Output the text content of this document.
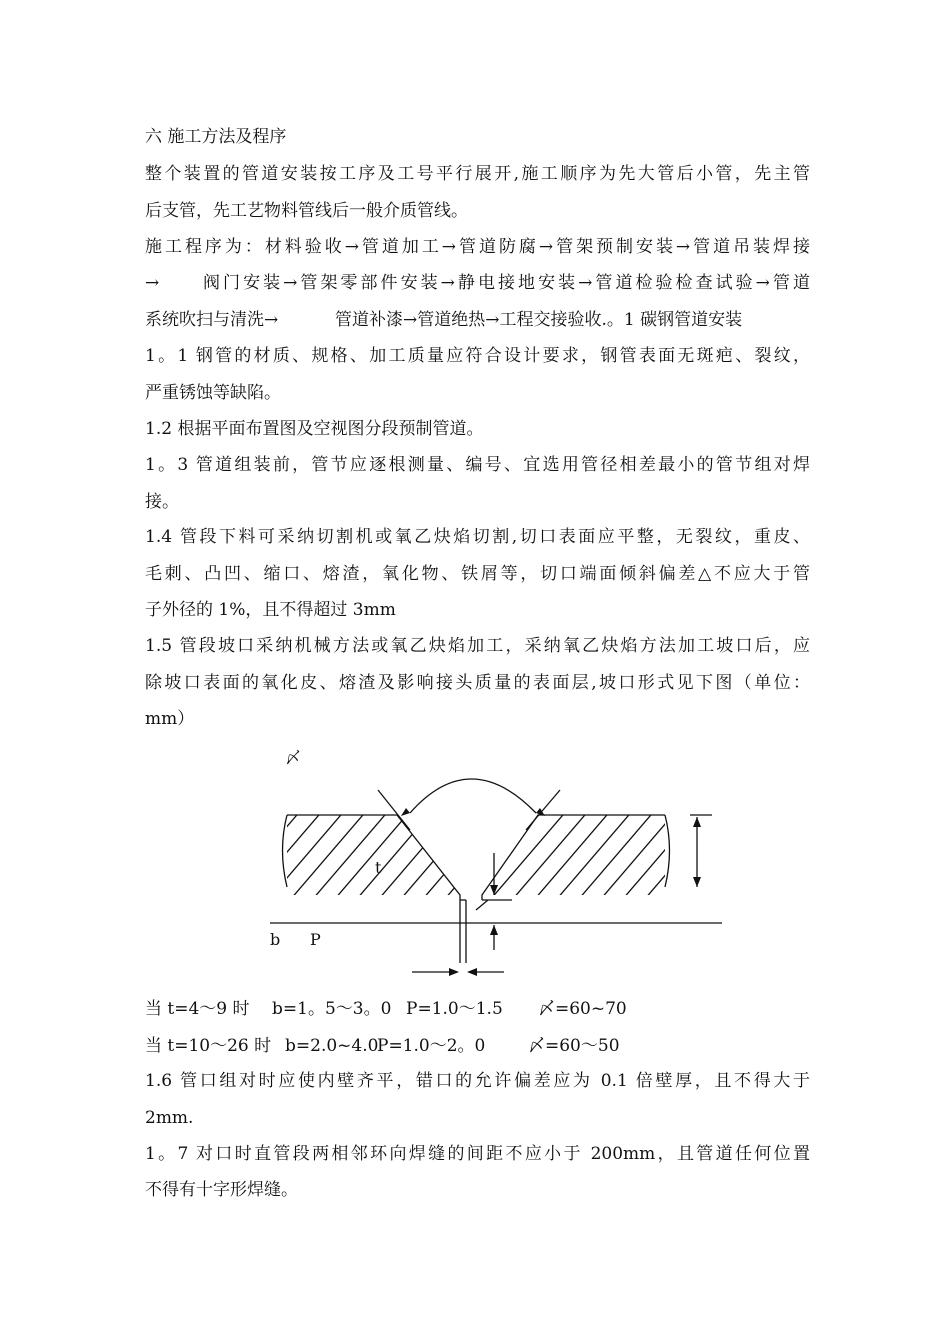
六 施工方法及程序
整个装置的管道安装按工序及工号平行展开,施工顺序为先大管后小管，先主管
后支管，先工艺物料管线后一般介质管线。
施工程序为：材料验收→管道加工→管道防腐→管架预制安装→管道吊装焊接
→	阀门安装→管架零部件安装→静电接地安装→管道检验检查试验→管道
系统吹扫与清洗→	管道补漆→管道绝热→工程交接验收.。1 碳钢管道安装
1。1 钢管的材质、规格、加工质量应符合设计要求，钢管表面无斑疤、裂纹，
严重锈蚀等缺陷。
1.2 根据平面布置图及空视图分段预制管道。
1。3 管道组装前，管节应逐根测量、编号、宜选用管径相差最小的管节组对焊
接。
1.4 管段下料可采纳切割机或氧乙炔焰切割,切口表面应平整，无裂纹，重皮、
毛刺、凸凹、缩口、熔渣，氧化物、铁屑等，切口端面倾斜偏差△不应大于管
子外径的 1%，且不得超过 3mm
1.5 管段坡口采纳机械方法或氧乙炔焰加工，采纳氧乙炔焰方法加工坡口后，应
除坡口表面的氧化皮、熔渣及影响接头质量的表面层,坡口形式见下图（单位：
mm）
〆
t
b P
当 t=4～9 时 b=1。5～3。0 P=1.0～1.5 〆=60~70
当 t=10～26 时 b=2.0~4.0
P=1.0～2。0	〆=60～50
1.6 管口组对时应使内壁齐平，错口的允许偏差应为 0.1 倍壁厚，且不得大于
2mm.
1。7 对口时直管段两相邻环向焊缝的间距不应小于 200mm，且管道任何位置
不得有十字形焊缝。
